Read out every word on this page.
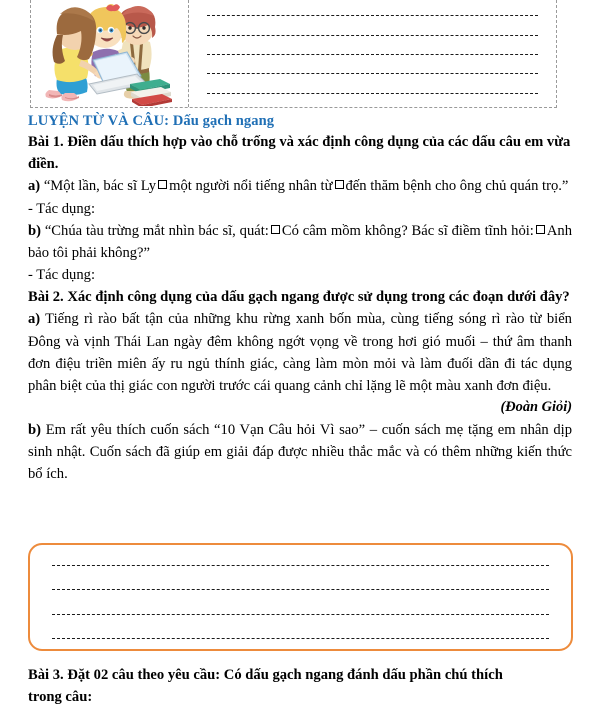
LUYỆN TỪ VÀ CÂU: Dấu gạch ngang

Bài 1. Điền dấu thích hợp vào chỗ trống và xác định công dụng của các dấu câu em vừa điền.

a) “Một lần, bác sĩ Ly một người nổi tiếng nhân từ đến thăm bệnh cho ông chủ quán trọ.”

- Tác dụng:

b) “Chúa tàu trừng mắt nhìn bác sĩ, quát: Có câm mồm không? Bác sĩ điềm tĩnh hỏi: Anh bảo tôi phải không?”

- Tác dụng:

Bài 2. Xác định công dụng của dấu gạch ngang được sử dụng trong các đoạn dưới đây?

a) Tiếng rì rào bất tận của những khu rừng xanh bốn mùa, cùng tiếng sóng rì rào từ biển Đông và vịnh Thái Lan ngày đêm không ngớt vọng về trong hơi gió muối – thứ âm thanh đơn điệu triền miên ấy ru ngủ thính giác, càng làm mòn mỏi và làm đuối dần đi tác dụng phân biệt của thị giác con người trước cái quang cảnh chỉ lặng lẽ một màu xanh đơn điệu.

(Đoàn Giỏi)

b) Em rất yêu thích cuốn sách “10 Vạn Câu hỏi Vì sao” – cuốn sách mẹ tặng em nhân dịp sinh nhật. Cuốn sách đã giúp em giải đáp được nhiều thắc mắc và có thêm những kiến thức bổ ích.

Bài 3. Đặt 02 câu theo yêu cầu: Có dấu gạch ngang đánh dấu phần chú thích trong câu:
